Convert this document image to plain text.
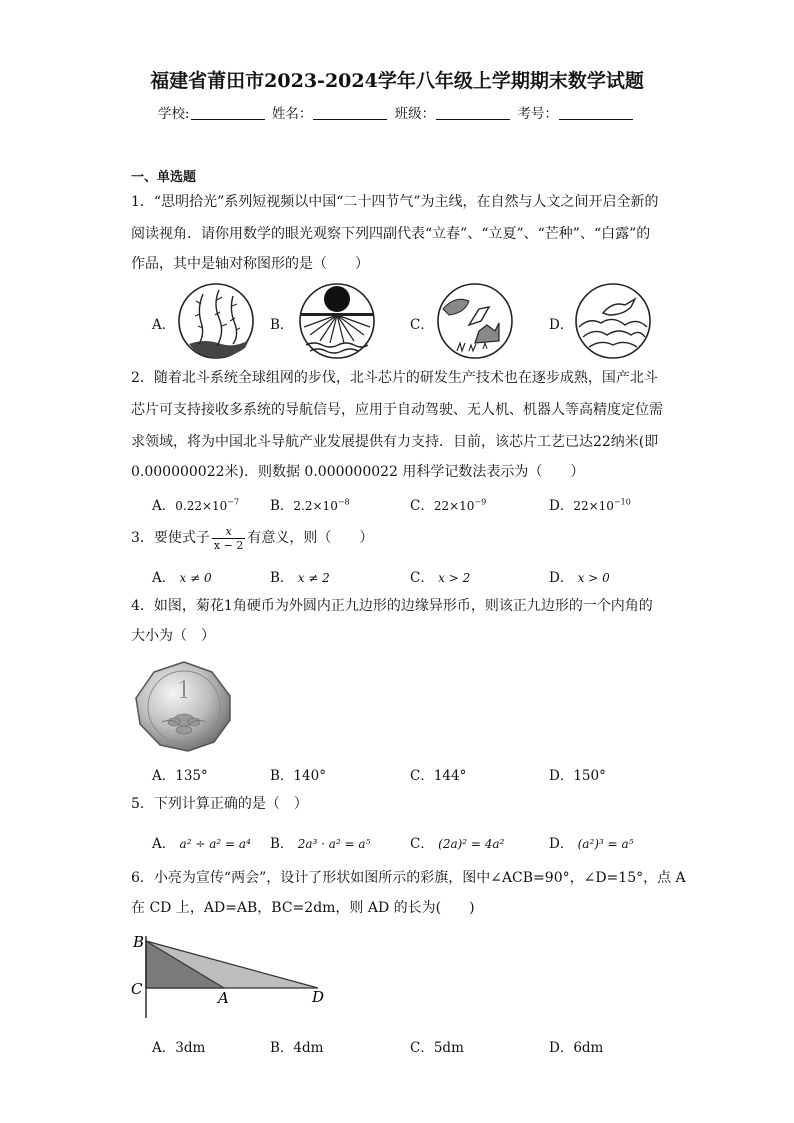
福建省莆田市2023-2024学年八年级上学期期末数学试题
学校:	姓名：	班级：	考号：
一、单选题
1．“思明拾光”系列短视频以中国“二十四节气”为主线，在自然与人文之间开启全新的
阅读视角．请你用数学的眼光观察下列四副代表“立春”、“立夏”、“芒种”、“白露”的
作品，其中是轴对称图形的是（　　）
A．	B．	C．	D．
2．随着北斗系统全球组网的步伐，北斗芯片的研发生产技术也在逐步成熟，国产北斗
芯片可支持接收多系统的导航信号，应用于自动驾驶、无人机、机器人等高精度定位需
求领域，将为中国北斗导航产业发展提供有力支持．目前，该芯片工艺已达22纳米(即
0.000000022米)．则数据 0.000000022 用科学记数法表示为（　　）
A．$0.22\times 10^{-7}$ B．$2.2\times 10^{-8}$	C．$22\times 10^{-9}$	D．$22\times 10^{-10}$
3．要使式子 $\frac{x}{x - 2}$ 有意义，则（　　）
A． x ≠ 0	B． x ≠ 2	C． x > 2	D． x > 0
4．如图，菊花1角硬币为外圆内正九边形的边缘异形币，则该正九边形的一个内角的
大小为（　）
1
A．135°	B．140°	C．144°	D．150°
5．下列计算正确的是（　）
A． a² ÷ a² = a⁴ B． 2a³ · a² = a⁵	C． (2a)² = 4a²	D． (a²)³ = a⁵
6．小亮为宣传“两会”，设计了形状如图所示的彩旗，图中∠ACB=90°，∠D=15°，点 A
在 CD 上，AD=AB，BC=2dm，则 AD 的长为(　　)
B
C	A	D
A．3dm	B．4dm	C．5dm	D．6dm
